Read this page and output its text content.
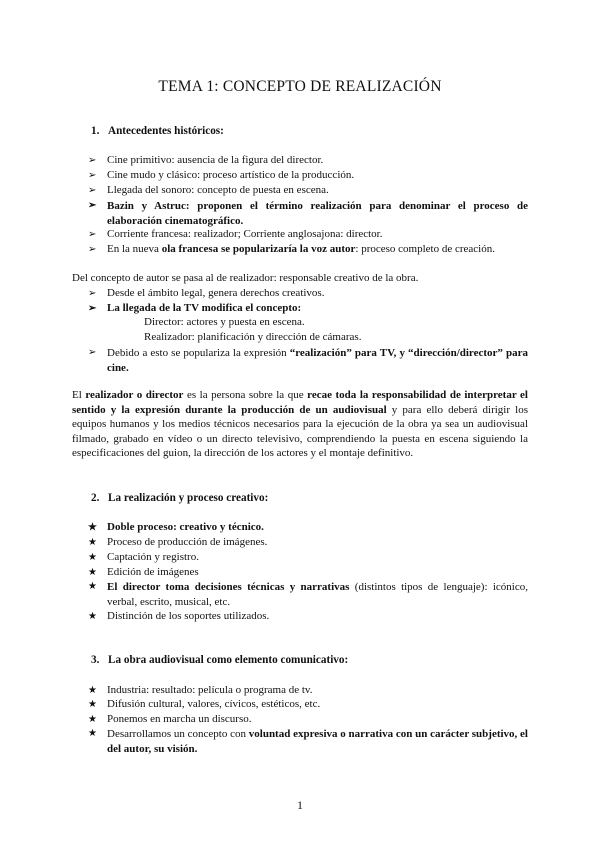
TEMA 1: CONCEPTO DE REALIZACIÓN
1. Antecedentes históricos:
➢ Cine primitivo: ausencia de la figura del director.
➢ Cine mudo y clásico: proceso artístico de la producción.
➢ Llegada del sonoro: concepto de puesta en escena.
➢ Bazin y Astruc: proponen el término realización para denominar el proceso de elaboración cinematográfico.
➢ Corriente francesa: realizador; Corriente anglosajona: director.
➢ En la nueva ola francesa se popularizaría la voz autor: proceso completo de creación.
Del concepto de autor se pasa al de realizador: responsable creativo de la obra.
➢ Desde el ámbito legal, genera derechos creativos.
➢ La llegada de la TV modifica el concepto:
Director: actores y puesta en escena.
Realizador: planificación y dirección de cámaras.
➢ Debido a esto se populariza la expresión “realización” para TV, y “dirección/director” para cine.
El realizador o director es la persona sobre la que recae toda la responsabilidad de interpretar el sentido y la expresión durante la producción de un audiovisual y para ello deberá dirigir los equipos humanos y los medios técnicos necesarios para la ejecución de la obra ya sea un audiovisual filmado, grabado en vídeo o un directo televisivo, comprendiendo la puesta en escena siguiendo la especificaciones del guion, la dirección de los actores y el montaje definitivo.
2. La realización y proceso creativo:
★ Doble proceso: creativo y técnico.
★ Proceso de producción de imágenes.
★ Captación y registro.
★ Edición de imágenes
★ El director toma decisiones técnicas y narrativas (distintos tipos de lenguaje): icónico, verbal, escrito, musical, etc.
★ Distinción de los soportes utilizados.
3. La obra audiovisual como elemento comunicativo:
★ Industria: resultado: película o programa de tv.
★ Difusión cultural, valores, cívicos, estéticos, etc.
★ Ponemos en marcha un discurso.
★ Desarrollamos un concepto con voluntad expresiva o narrativa con un carácter subjetivo, el del autor, su visión.
1
